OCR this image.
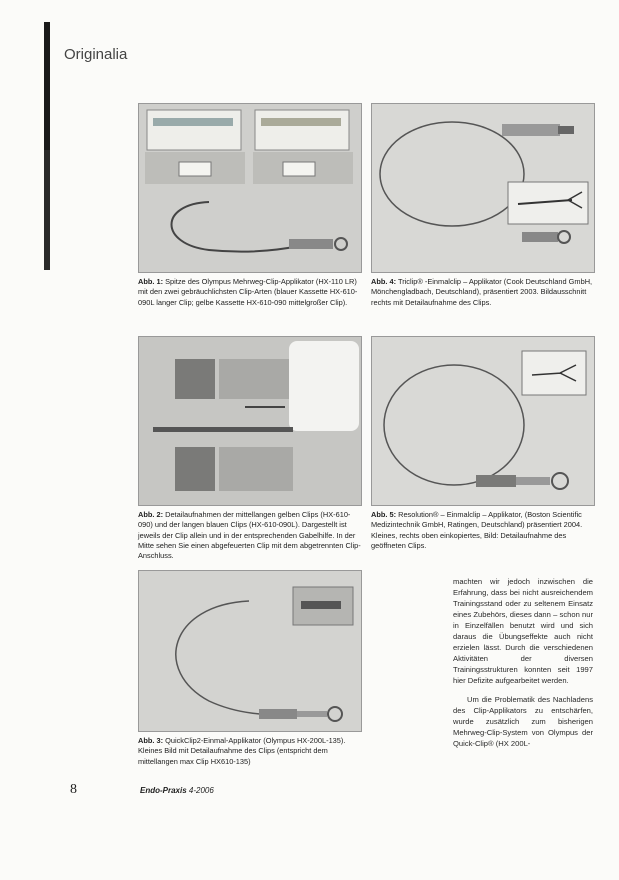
Originalia
Abb. 1: Spitze des Olympus Mehrweg-Clip-Applikator (HX-110 LR) mit den zwei gebräuchlichsten Clip-Arten (blauer Kassette HX-610-090L langer Clip; gelbe Kassette HX-610-090 mittelgroßer Clip).
Abb. 4: Triclip® -Einmalclip – Applikator (Cook Deutschland GmbH, Mönchengladbach, Deutschland), präsentiert 2003. Bildausschnitt rechts mit Detailaufnahme des Clips.
Abb. 2: Detailaufnahmen der mittellangen gelben Clips (HX-610-090) und der langen blauen Clips (HX-610-090L). Dargestellt ist jeweils der Clip allein und in der entsprechenden Gabelhilfe. In der Mitte sehen Sie einen abgefeuerten Clip mit dem abgetrennten Clip-Anschluss.
Abb. 5: Resolution® – Einmalclip – Applikator, (Boston Scientific Medizintechnik GmbH, Ratingen, Deutschland) präsentiert 2004. Kleines, rechts oben einkopiertes, Bild: Detailaufnahme des geöffneten Clips.
Abb. 3: QuickClip2-Einmal-Applikator (Olympus HX-200L-135). Kleines Bild mit Detailaufnahme des Clips (entspricht dem mittellangen max Clip HX610-135)

machten wir jedoch inzwischen die Erfahrung, dass bei nicht ausreichendem Trainingsstand oder zu seltenem Einsatz eines Zubehörs, dieses dann – schon nur in Einzelfällen benutzt wird und sich daraus die Übungseffekte auch nicht erzielen lässt. Durch die verschiedenen Aktivitäten der diversen Trainingsstrukturen konnten seit 1997 hier Defizite aufgearbeitet werden.

Um die Problematik des Nachladens des Clip-Applikators zu entschärfen, wurde zusätzlich zum bisherigen Mehrweg-Clip-System von Olympus der Quick-Clip® (HX 200L-

8	Endo-Praxis 4-2006
